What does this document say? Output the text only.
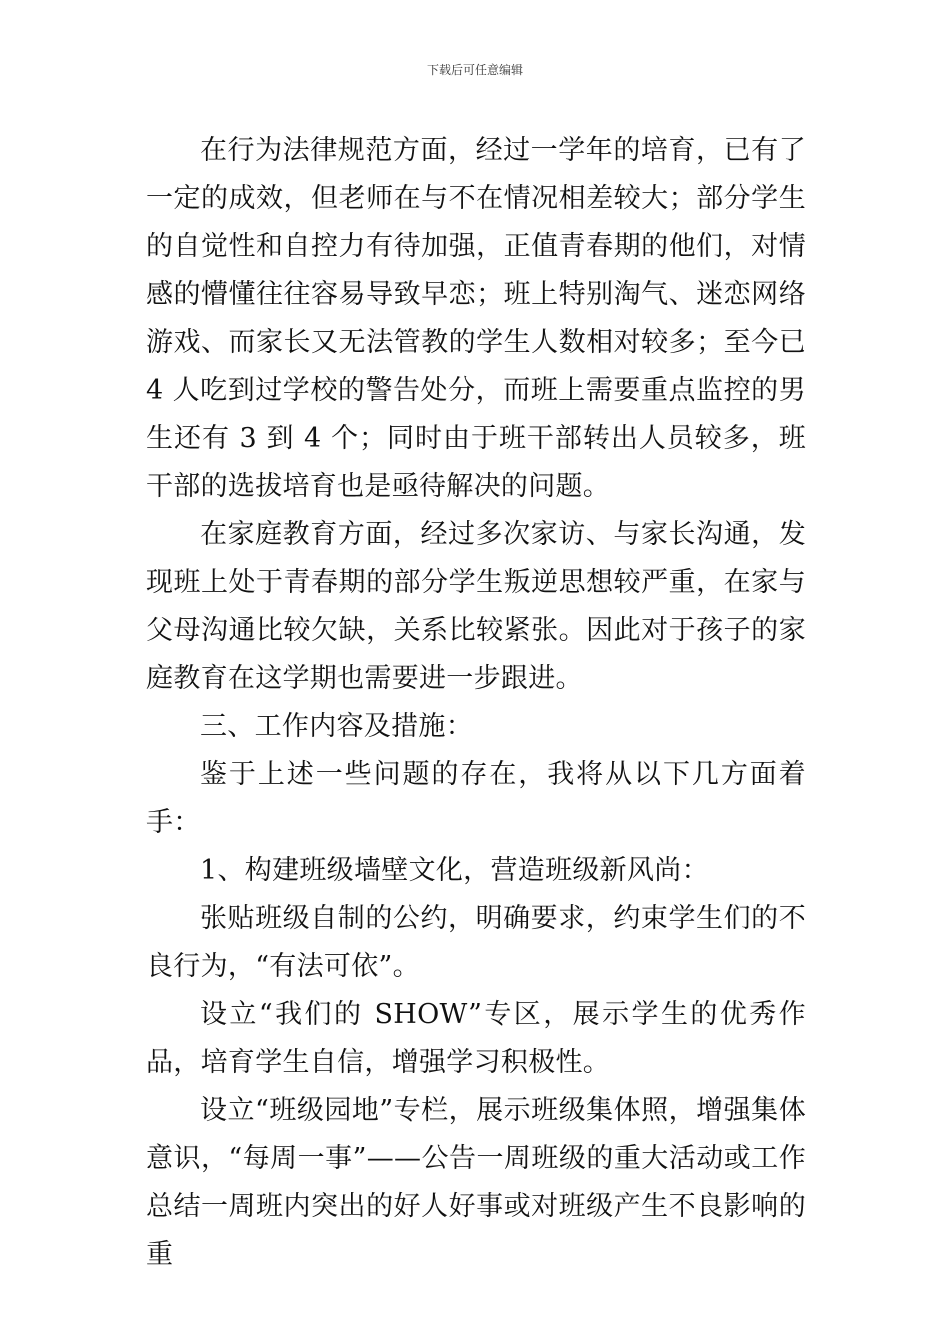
下载后可任意编辑

在行为法律规范方面，经过一学年的培育，已有了一定的成效，但老师在与不在情况相差较大；部分学生的自觉性和自控力有待加强，正值青春期的他们，对情感的懵懂往往容易导致早恋；班上特别淘气、迷恋网络游戏、而家长又无法管教的学生人数相对较多；至今已 4 人吃到过学校的警告处分，而班上需要重点监控的男生还有 3 到 4 个；同时由于班干部转出人员较多，班干部的选拔培育也是亟待解决的问题。

在家庭教育方面，经过多次家访、与家长沟通，发现班上处于青春期的部分学生叛逆思想较严重，在家与父母沟通比较欠缺，关系比较紧张。因此对于孩子的家庭教育在这学期也需要进一步跟进。

三、工作内容及措施：

鉴于上述一些问题的存在，我将从以下几方面着手：

1、构建班级墙壁文化，营造班级新风尚：

张贴班级自制的公约，明确要求，约束学生们的不良行为，“有法可依”。

设立“我们的 SHOW”专区，展示学生的优秀作品，培育学生自信，增强学习积极性。

设立“班级园地”专栏，展示班级集体照，增强集体意识，“每周一事”——公告一周班级的重大活动或工作总结一周班内突出的好人好事或对班级产生不良影响的重
